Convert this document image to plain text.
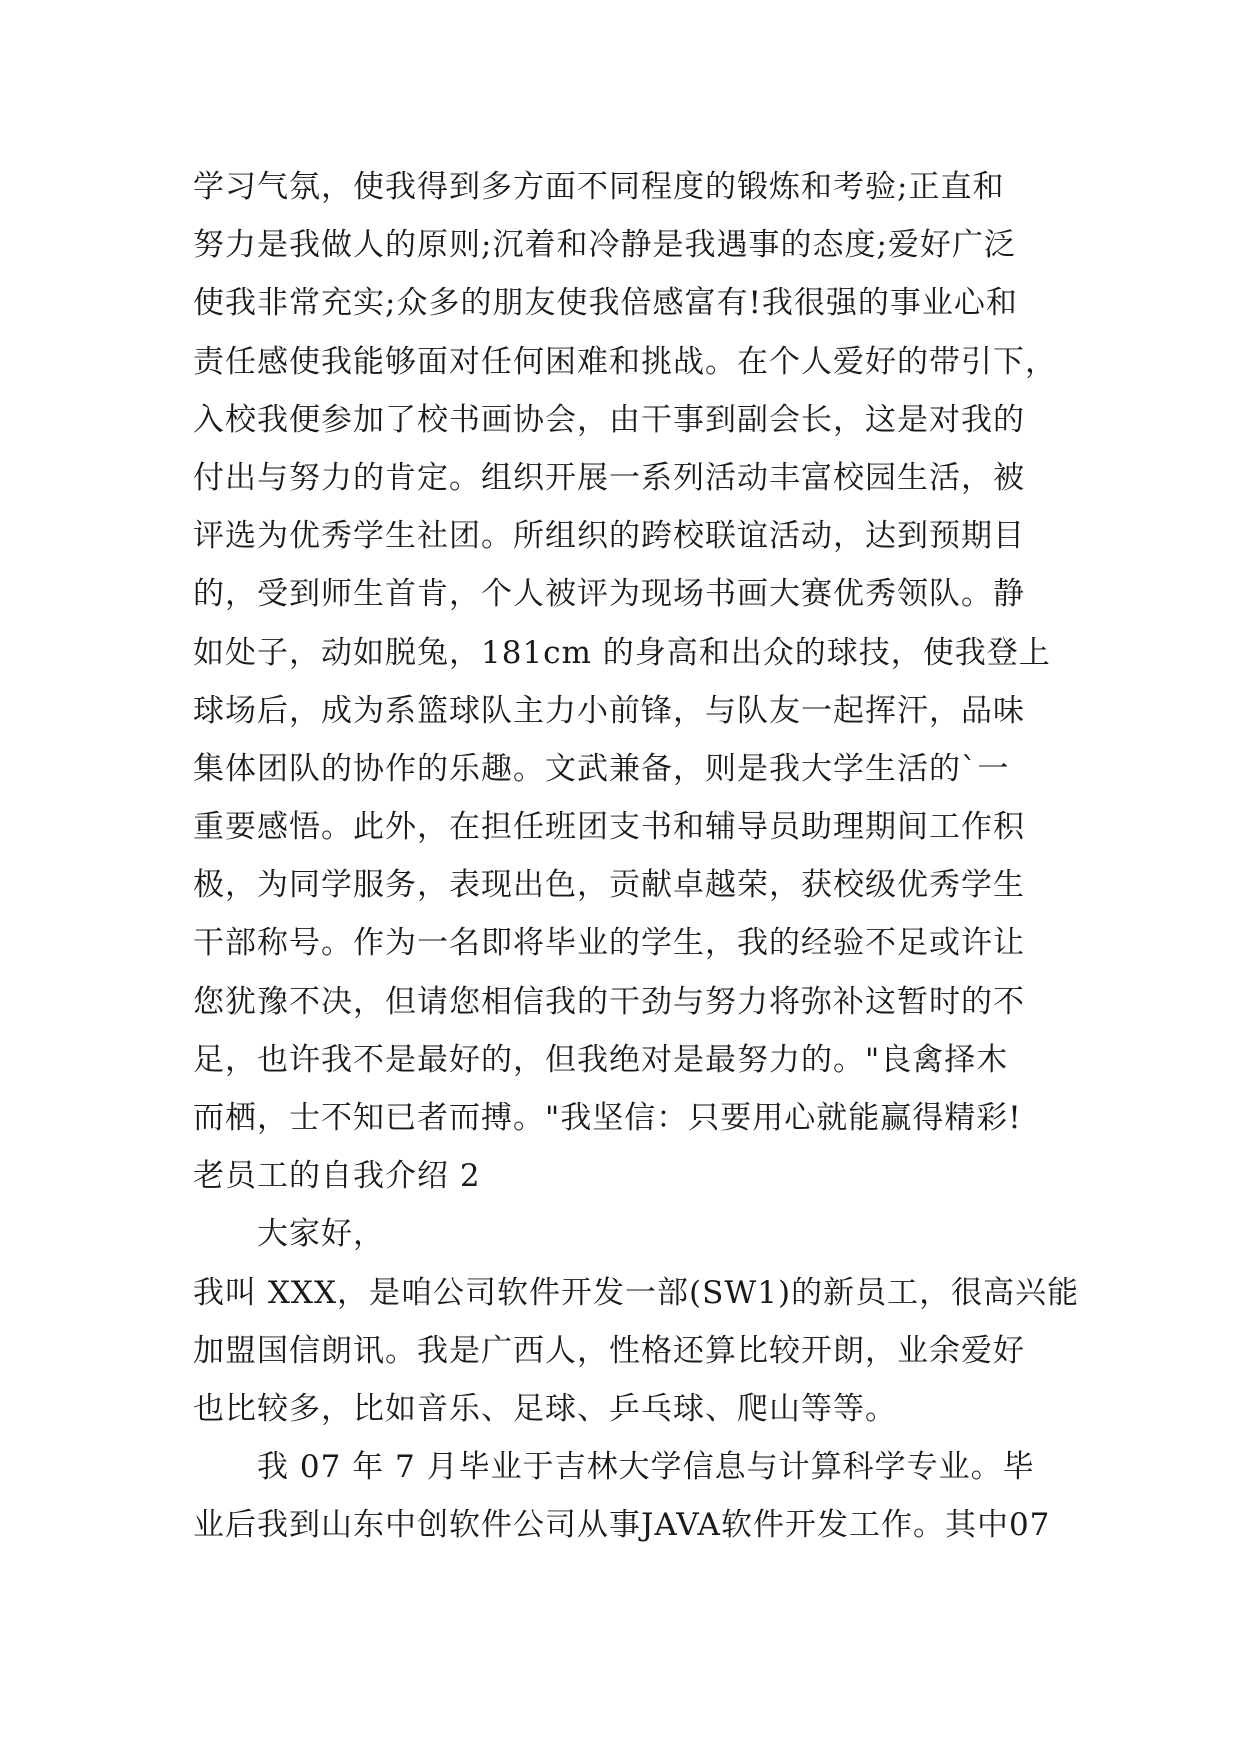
学习气氛，使我得到多方面不同程度的锻炼和考验;正直和
努力是我做人的原则;沉着和冷静是我遇事的态度;爱好广泛
使我非常充实;众多的朋友使我倍感富有!我很强的事业心和
责任感使我能够面对任何困难和挑战。在个人爱好的带引下，
入校我便参加了校书画协会，由干事到副会长，这是对我的
付出与努力的肯定。组织开展一系列活动丰富校园生活，被
评选为优秀学生社团。所组织的跨校联谊活动，达到预期目
的，受到师生首肯，个人被评为现场书画大赛优秀领队。静
如处子，动如脱兔，181cm 的身高和出众的球技，使我登上
球场后，成为系篮球队主力小前锋，与队友一起挥汗，品味
集体团队的协作的乐趣。文武兼备，则是我大学生活的`一
重要感悟。此外，在担任班团支书和辅导员助理期间工作积
极，为同学服务，表现出色，贡献卓越荣，获校级优秀学生
干部称号。作为一名即将毕业的学生，我的经验不足或许让
您犹豫不决，但请您相信我的干劲与努力将弥补这暂时的不
足，也许我不是最好的，但我绝对是最努力的。"良禽择木
而栖，士不知已者而搏。"我坚信：只要用心就能赢得精彩!
老员工的自我介绍 2
大家好，
我叫 XXX，是咱公司软件开发一部(SW1)的新员工，很高兴能
加盟国信朗讯。我是广西人，性格还算比较开朗，业余爱好
也比较多，比如音乐、足球、乒乓球、爬山等等。
我 07 年 7 月毕业于吉林大学信息与计算科学专业。毕
业后我到山东中创软件公司从事JAVA软件开发工作。其中07
